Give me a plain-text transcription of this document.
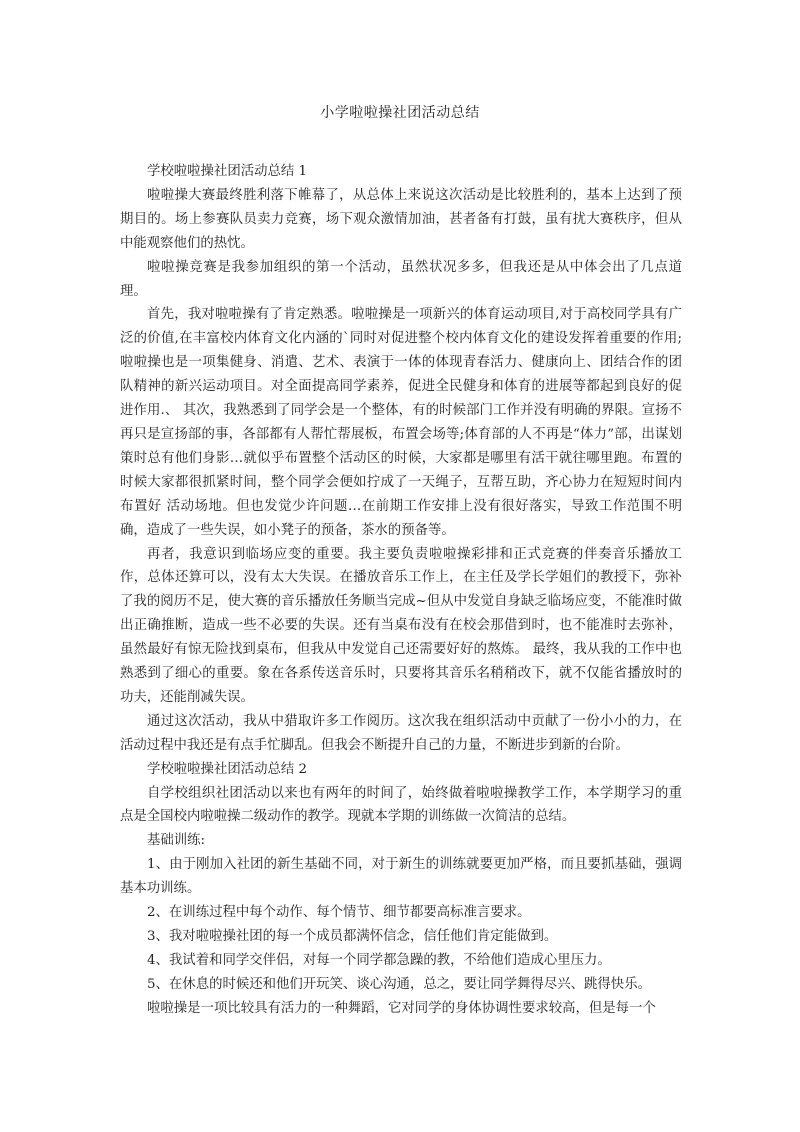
小学啦啦操社团活动总结

学校啦啦操社团活动总结 1

啦啦操大赛最终胜利落下帷幕了，从总体上来说这次活动是比较胜利的，基本上达到了预期目的。场上参赛队员卖力竞赛，场下观众激情加油，甚者备有打鼓，虽有扰大赛秩序，但从中能观察他们的热忱。

啦啦操竞赛是我参加组织的第一个活动，虽然状况多多，但我还是从中体会出了几点道理。

首先，我对啦啦操有了肯定熟悉。啦啦操是一项新兴的体育运动项目,对于高校同学具有广泛的价值,在丰富校内体育文化内涵的`同时对促进整个校内体育文化的建设发挥着重要的作用;啦啦操也是一项集健身、消遣、艺术、表演于一体的体现青春活力、健康向上、团结合作的团队精神的新兴运动项目。对全面提高同学素养，促进全民健身和体育的进展等都起到良好的促进作用.、 其次，我熟悉到了同学会是一个整体，有的时候部门工作并没有明确的界限。宣扬不再只是宣扬部的事，各部都有人帮忙帮展板，布置会场等;体育部的人不再是“体力”部，出谋划策时总有他们身影…就似乎布置整个活动区的时候，大家都是哪里有活干就往哪里跑。布置的时候大家都很抓紧时间，整个同学会便如拧成了一天绳子，互帮互助，齐心协力在短短时间内布置好 活动场地。但也发觉少许问题…在前期工作安排上没有很好落实，导致工作范围不明确，造成了一些失误，如小凳子的预备，茶水的预备等。

再者，我意识到临场应变的重要。我主要负责啦啦操彩排和正式竞赛的伴奏音乐播放工作，总体还算可以，没有太大失误。在播放音乐工作上，在主任及学长学姐们的教授下，弥补了我的阅历不足，使大赛的音乐播放任务顺当完成~但从中发觉自身缺乏临场应变，不能准时做出正确推断，造成一些不必要的失误。还有当桌布没有在校会那借到时，也不能准时去弥补，虽然最好有惊无险找到桌布，但我从中发觉自己还需要好好的熬炼。 最终，我从我的工作中也熟悉到了细心的重要。象在各系传送音乐时，只要将其音乐名稍稍改下，就不仅能省播放时的功夫，还能削减失误。

通过这次活动，我从中猎取许多工作阅历。这次我在组织活动中贡献了一份小小的力，在活动过程中我还是有点手忙脚乱。但我会不断提升自己的力量，不断进步到新的台阶。

学校啦啦操社团活动总结 2

自学校组织社团活动以来也有两年的时间了，始终做着啦啦操教学工作，本学期学习的重点是全国校内啦啦操二级动作的教学。现就本学期的训练做一次简洁的总结。

基础训练:

1、由于刚加入社团的新生基础不同，对于新生的训练就要更加严格，而且要抓基础，强调基本功训练。

2、在训练过程中每个动作、每个情节、细节都要高标准言要求。

3、我对啦啦操社团的每一个成员都满怀信念，信任他们肯定能做到。

4、我试着和同学交伴侣，对每一个同学都急躁的教，不给他们造成心里压力。

5、在休息的时候还和他们开玩笑、谈心沟通，总之，要让同学舞得尽兴、跳得快乐。

啦啦操是一项比较具有活力的一种舞蹈，它对同学的身体协调性要求较高，但是每一个
